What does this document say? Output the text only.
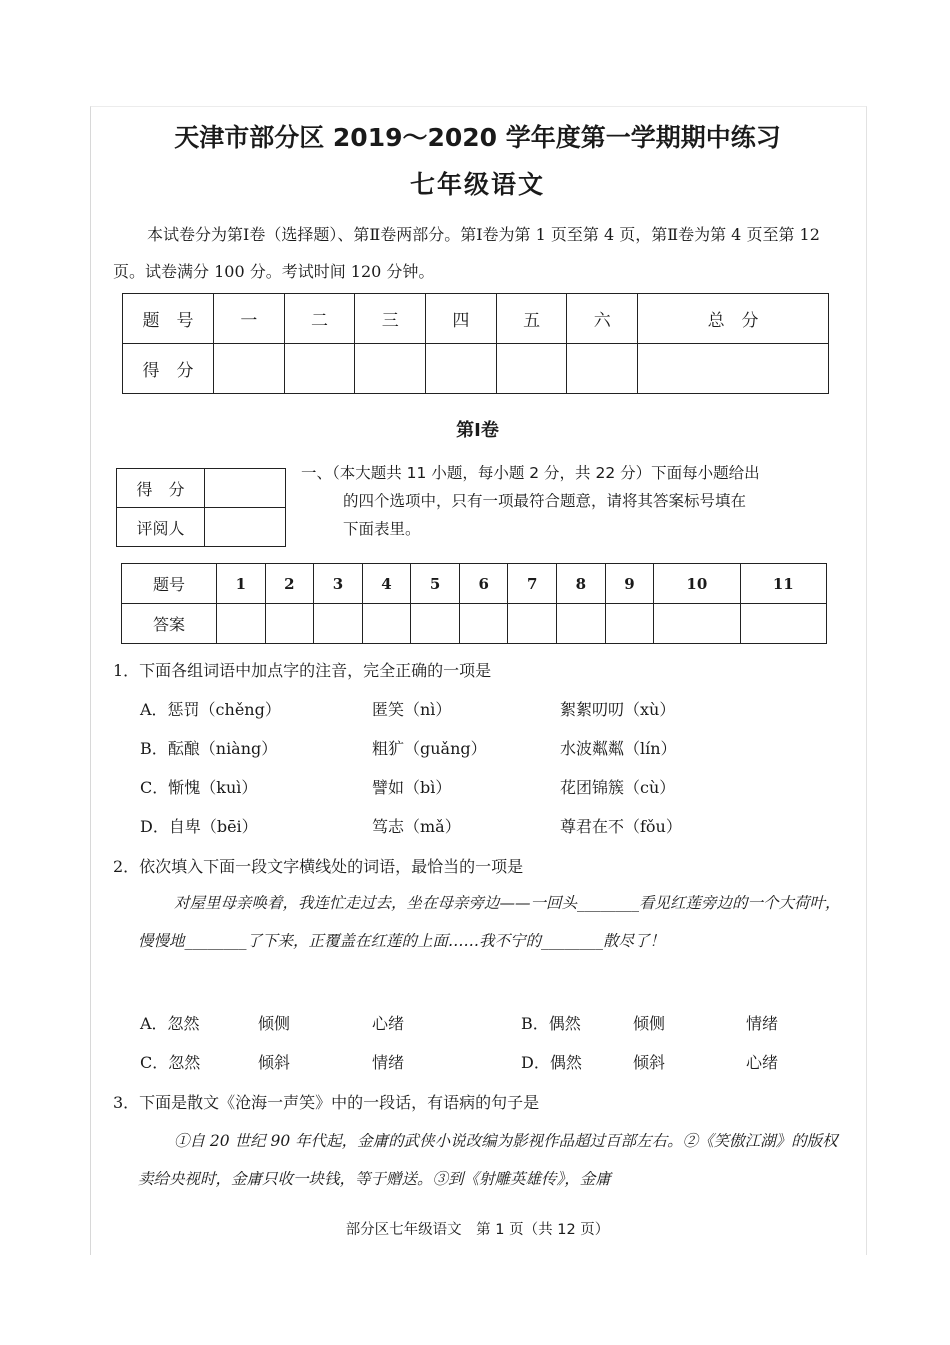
天津市部分区 2019～2020 学年度第一学期期中练习
七年级语文
本试卷分为第Ⅰ卷（选择题）、第Ⅱ卷两部分。第Ⅰ卷为第 1 页至第 4 页，第Ⅱ卷为第 4 页至第 12 页。试卷满分 100 分。考试时间 120 分钟。
题　号	一	二	三	四	五	六	总　分
得　分							
第Ⅰ卷
得　分	
评阅人	
一、（本大题共 11 小题，每小题 2 分，共 22 分）下面每小题给出
的四个选项中，只有一项最符合题意，请将其答案标号填在
下面表里。
题号	1	2	3	4	5	6	7	8	9	10	11
答案											
1．下面各组词语中加点字的注音，完全正确的一项是
A．惩罚（chěng）	匿笑（nì）	絮絮叨叨（xù）
B．酝酿（niàng）	粗犷（guǎng）	水波粼粼（lín）
C．惭愧（kuì）	譬如（bì）	花团锦簇（cù）
D．自卑（bēi）	笃志（mǎ）	尊君在不（fǒu）
2．依次填入下面一段文字横线处的词语，最恰当的一项是
对屋里母亲唤着，我连忙走过去，坐在母亲旁边——一回头________看见红莲旁边的一个大荷叶，慢慢地________了下来，正覆盖在红莲的上面……我不宁的________散尽了！
A．忽然	倾侧	心绪	B．偶然	倾侧	情绪
C．忽然	倾斜	情绪	D．偶然	倾斜	心绪
3．下面是散文《沧海一声笑》中的一段话，有语病的句子是
①自 20 世纪 90 年代起，金庸的武侠小说改编为影视作品超过百部左右。②《笑傲江湖》的版权卖给央视时，金庸只收一块钱，等于赠送。③到《射雕英雄传》，金庸
部分区七年级语文　第 1 页（共 12 页）
